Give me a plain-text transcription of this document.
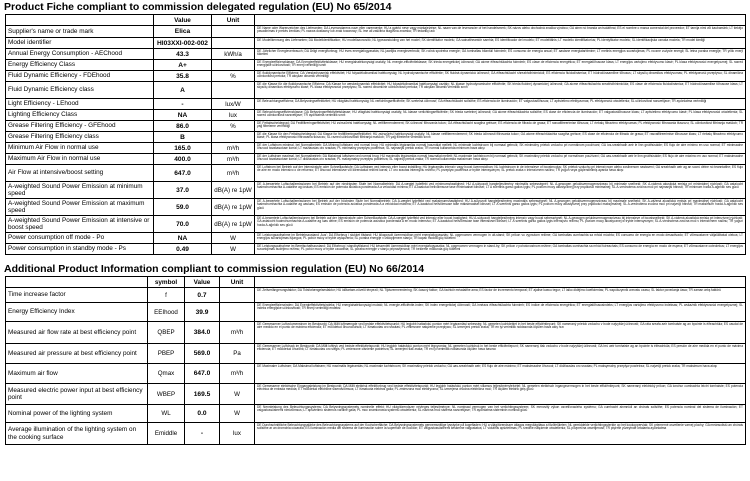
Product Fiche compliant to commission delegated regulation (EU) No 65/2014
	Value	Unit	
Supplier's name or trade mark	Elica		DE Name oder Warenzeichen des Lieferanten; DA Leverandørens navn eller varemærke; HU a gyártó neve vagy márkajelzése; NL naam van de leverancier of het handelsmerk; SK názov alebo obchodná značka výrobcu; GA ainm nó branda an tsoláthraí; ES el nombre o marca comercial del proveedor; ET tarnija nimi või kaubamärk; LT tiekėjo pavadinimas ir prekės ženklas; PL nazwa dostawcy lub znak towarowy; SL ime ali zaščitna blagovna znamka; TR tedarikçi adı
Model identifier	HI03XXI-002-002		DE Modellkennung des Lieferanten; DA Modelidentifikation; HU modellazonosító; NL typeaanduiding van het model; SK identifikátor modelu; GA sainaitheantóir samhla; ES identificador del modelo; ET mudelitähis; LT modelio identifikatorius; PL identyfikator modelu; SL identifikacijska oznaka modela; TR model kimliği
Annual Energy Consumption - AEChood	43.3	kWh/a	DE Jährlicher Energieverbrauch; DA Årligt energiforbrug; HU éves energiafogyasztás; NL jaarlijks energieverbruik; SK ročná spotreba energie; GA tomhaltas bliantúil fuinnimh; ES consumo de energía anual; ET aastane energiatarbimine; LT metinis energijos suvartojimas; PL roczne zużycie energii; SL letna poraba energije; TR yıllık enerji tüketimi
Energy Efficiency Class	A+		DE Energieeffizienzklasse; DA Energieeffektivitetsklasse; HU energiahatékonysági osztály; NL energie-efficiëntieklasse; SK trieda energetickej účinnosti; GA aicme éifeachtúlachta fuinnimh; ES clase de eficiencia energética; ET energiatõhususe klass; LT energijos vartojimo efektyvumo klasė; PL klasa efektywności energetycznej; SL razred energijske učinkovitosti; TR enerji verimliliği sınıfı
Fluid Dynamic Efficiency - FDEhood	35.8	%	DE fluiddynamische Effizienz; DA Væskedynamisk effektivitet; HU folyadékdinamikai hatékonyság; NL hydrodynamische efficiëntie; SK fluidná dynamická účinnosť; GA éifeachtúlacht shreabhdhinimiciúil; ES eficiencia fluidodinámica; ET hüdrodünaamiline tõhusus; LT skysčių dinamikos efektyvumas; PL efektywność przepływu; SL dinamična učinkovitost pretoka; TR akışkan dinamik verimliliği
Fluid Dynamic Efficiency class	A		DE die Klasse für die fluiddynamische Effizienz; DA Klasse for væskedynamisk effektivitet; HU folyadékdinamikai hatékonysági osztály; NL klasse hydrodynamische efficiëntie; SK trieda fluidnej dynamickej účinnosti; GA aicme éifeachtúlachta sreabhdhinimiciúla; ES clase de eficiencia fluidodinámica; ET hüdrodünaamilise tõhususe klass; LT skysčių dinamikos efektyvumo klasė; PL klasa efektywności przepływu; SL razred dinamične učinkovitosti pretoka; TR akışkan dinamik verimlilik sınıfı
Light Efficiency - LEhood	-	lux/W	DE Beleuchtungseffizienz; DA Belysningseffektivitet; HU világítási hatékonyság; NL verlichtingsefficiëntie; SK svetelná účinnosť; GA éifeachtúlacht soilsithe; ES eficiencia de iluminación; ET valgustustõhusus; LT apšvietimo efektyvumas; PL efektywność oświetlenia; SL učinkovitost razsvetljave; TR aydınlatma verimliliği
Lighting Efficiency Class	NA	lux	DE Beleuchtungseffizienzklasse; DA Belysningseffektivitetsklasse; HU világítási hatékonysági osztály; NL klasse verlichtingsefficiëntie; SK trieda svetelnej účinnosti; GA aicme éifeachtúlachta soilsithe; ES clase de eficiencia de iluminación; ET valgustustõhususe klass; LT apšvietimo efektyvumo klasė; PL klasa efektywności oświetlenia; SL razred učinkovitosti razsvetljave; TR aydınlatma verimlilik sınıfı
Grease Filtering Efficiency - GFEhood	86.0	%	DE Fettabscheidegrad; DA Fedtfiltreringseffektivitet; HU zsírszűrési hatékonyság; NL vetfilterrendement; SK účinnosť filtrovania tukov; GA éifeachtúlacht scagtha gréisce; ES eficiencia de filtrado de grasa; ET rasvafiltreerimise tõhusus; LT riebalų filtravimo efektyvumas; PL efektywność filtrowania tłuszczu; SL učinkovitost filtriranja maščob; TR yağ filtreleme verimliliği
Grease Filtering Efficiency class	B		DE die Klasse für den Fettabscheidegrad; DA Klasse for fedtfiltreringseffektivitet; HU zsírszűrési hatékonysági osztály; NL klasse vetfilterrendement; SK trieda účinnosti filtrovania tukov; GA aicme éifeachtúlachta scagtha gréisce; ES clase de eficiencia de filtrado de grasa; ET rasvafiltreerimise tõhususe klass; LT riebalų filtravimo efektyvumo klasė; PL klasa efektywności filtrowania tłuszczu; SL razred učinkovitosti filtriranja maščob; TR yağ filtreleme verimlilik sınıfı
Minimum Air Flow in normal use	165.0	m³/h	DE der Luftstrom minimal, bei Normalbetrieb; DA Minimal luftstrøm ved normal brug; HU minimális légáramlás normál használat mellett; NL minimale luchtstroom bij normaal gebruik; SK minimálny prietok vzduchu pri normálnom používaní; GA íos-sreabhadh aeir le linn gnáthúsáide; ES flujo de aire mínimo en uso normal; ET minimaalne õhuvool tavakasutuse korral; LT mažiausias oro srautas; PL minimalny przepływ powietrza; SL najmanjši pretok zraka; TR normal kullanımda minimum hava akışı
Maximum Air Flow in normal use	400.0	m³/h	DE der Luftstrom maximal, bei Normalbetrieb; DA Maksimal luftstrøm ved normal brug; HU maximális légáramlás normál használat mellett; NL maximale luchtstroom bij normaal gebruik; SK maximálny prietok vzduchu pri normálnom používaní; GA uas-sreabhadh aeir le linn gnáthúsáide; ES flujo de aire máximo en uso normal; ET maksimaalne õhuvool tavakasutuse korral; LT didžiausias oro srautas; PL maksymalny przepływ powietrza; SL največji pretok zraka; TR normal kullanımda maksimum hava akışı
Air Flow at intensive/boost setting	647.0	m³/h	DE Luftstrom bei Betrieb auf der Intensivstufe oder Schnelllaufstufe; DA Luftstrøm ved intensiv eller boost indstilling; HU légáramlás intenzív vagy boost üzemmódban; NL luchtstroom in de intensieve of boostmodus; SK prietok vzduchu pri intenzívnom alebo zosilnenom nastavení; GA sreabhadh aeir ag an socrú déine nó teanntaithe; ES flujo de aire en modo intensivo o de refuerzo; ET õhuvool intensiivse või kiirendatud režiimi korral; LT oro srautas intensyviu režimu; PL przepływ powietrza w trybie intensywnym; SL pretok zraka v intenzivnem načinu; TR yoğun veya güçlendirilmiş ayarda hava akışı
A-weighted Sound Power Emission at minimum speed	37.0	dB(A) re 1pW	DE A-bewertete Luftschallemissionen bei Betrieb auf der niedrigsten Stufe bei Normalbetrieb; DA A-vægtet lydeffekt ved minimumshastighed; HU A-súlyozott hangteljesítmény minimális sebességnél; NL A-gewogen geluidsvermogensniveau bij minimale snelheid; SK A-vážená akustická emisia pri minimálnej rýchlosti; GA astaíocht fuaimchumhachta A-ualaithe ag íosluas; ES emisión de potencia acústica ponderada A a velocidad mínima; ET A-kaalutud helivõimsuse tase minimaalsel kiirusel; LT A svertinis garso galios lygis; PL poziom mocy akustycznej przy prędkości minimalnej; SL A-vrednotena zvočna moč pri najmanjši hitrosti; TR minimum hızda A-ağırlıklı ses gücü
A-weighted Sound Power Emission at maximum speed	59.0	dB(A) re 1pW	DE A-bewertete Luftschallemissionen bei Betrieb auf der höchsten Stufe bei Normalbetrieb; DA A-vægtet lydeffekt ved maksimumshastighed; HU A-súlyozott hangteljesítmény maximális sebességnél; NL A-gewogen geluidsvermogensniveau bij maximale snelheid; SK A-vážená akustická emisia pri maximálnej rýchlosti; GA astaíocht fuaimchumhachta A-ualaithe ag uasluas; ES emisión de potencia acústica ponderada A a velocidad máxima; ET A-kaalutud helivõimsuse tase maksimaalsel kiirusel; LT A svertinis garso galios lygis; PL poziom mocy akustycznej przy prędkości maksymalnej; SL A-vrednotena zvočna moč pri največji hitrosti; TR maksimum hızda A-ağırlıklı ses gücü
A-weighted Sound Power Emission at intensive or boost speed	70.0	dB(A) re 1pW	DE A-bewertete Luftschallemissionen bei Betrieb auf der Intensivstufe oder Schnelllaufstufe; DA A-vægtet lydeffekt ved intensiv eller boost hastighed; HU A-súlyozott hangteljesítmény intenzív vagy boost sebességnél; NL A-gewogen geluidsvermogensniveau bij intensieve of boostsnelheid; SK A-vážená akustická emisia pri intenzívnej rýchlosti; GA astaíocht fuaimchumhachta A-ualaithe ag luas déine; ES emisión de potencia acústica ponderada A en modo intensivo; ET A-kaalutud helivõimsuse tase intensiivsel kiirusel; LT A svertinis garso galios lygis intensyviu režimu; PL poziom mocy akustycznej w trybie intensywnym; SL A-vrednotena zvočna moč v intenzivnem načinu; TR yoğun hızda A-ağırlıklı ses gücü
Power consumption off mode - Po	NA	W	DE Leistungsaufnahme im Betriebszustand ‚Aus'; DA Elforbrug i slukket tilstand; HU kikapcsolt üzemmódban mért energiafogyasztás; NL opgenomen vermogen in uit-stand; SK príkon vo vypnutom režime; GA tomhaltas cumhachta sa mhód múchta; ES consumo de energía en modo desactivado; ET võimsustarve väljalülitatud olekus; LT energijos suvartojimas išjungus; PL pobór mocy w trybie wyłączenia; SL poraba energije v izklopljenem stanju; TR kapalı modda güç tüketimi
Power consumption in standby mode - Ps	0.49	W	DE Leistungsaufnahme im Bereitschaftszustand; DA Elforbrug i standbytilstand; HU készenléti üzemmódban mért energiafogyasztás; NL opgenomen vermogen in stand-by; SK príkon v pohotovostnom režime; GA tomhaltas cumhachta sa mhód fuireachais; ES consumo de energía en modo de espera; ET võimsustarve ooteolekus; LT energijos suvartojimas budėjimo režimu; PL pobór mocy w trybie czuwania; SL poraba energije v stanju pripravljenosti; TR bekleme modunda güç tüketimi
Additional Product Information compliant to commission regulation (EU) No 66/2014
	symbol	Value	Unit	
Time increase factor	f	0.7		DE Zeitverlängerungsfaktor; DA Tidsforlængelsesfaktor; HU időtartam-növelő tényező; NL Tijdsvermeerdering; SK časový faktor; GA fachtóir méadaithe ama; ES factor de incremento temporal; ET ajalise kasvu tegur; LT laiko didėjimo koeficientas; PL współczynnik wzrostu czasu; SL faktor povečanja časa; TR zaman artış faktörü
Energy Efficiency Index	EEIhood	39.9		DE Energieeffizienzindex; DA Energieffektivitetsindeks; HU energiahatékonysági mutató; NL energie-efficiëntie-index; SK index energetickej účinnosti; GA innéacs éifeachtúlachta fuinnimh; ES índice de eficiencia energética; ET energiatõhususindeks; LT energijos vartojimo efektyvumo indeksas; PL wskaźnik efektywności energetycznej; SL indeks energijske učinkovitosti; TR enerji verimliliği endeksi
Measured air flow rate at best efficiency point	QBEP	384.0	m³/h	DE Gemessener Luftvolumenstrom im Bestpunkt; DA Målt luftmængde ved bedste effektivitetspunkt; HU legjobb hatásfokú ponton mért légáramlási sebesség; NL gemeten luchtdebiet in het beste efficiëntiepunt; SK nameraný prietok vzduchu v bode najvyššej účinnosti; GA ráta sreafa aeir tomhaiste ag an bpointe is éifeachtúla; ES caudal de aire medido en el punto de máxima eficiencia; ET mõõdetud õhuvooluhulk; LT išmatuotas oro srautas; PL zmierzone natężenie przepływu; SL izmerjeni pretok zraka; TR en iyi verimlilik noktasında ölçülen hava akış hızı
Measured air pressure at best efficiency point	PBEP	569.0	Pa	DE Gemessener Luftdruck im Bestpunkt; DA Målt lufttryk ved bedste effektivitetspunkt; HU legjobb hatásfokú ponton mért légnyomás; NL gemeten luchtdruk in het beste efficiëntiepunt; SK nameraný tlak vzduchu v bode najvyššej účinnosti; GA brú aeir tomhaiste ag an bpointe is éifeachtúla; ES presión de aire medida en el punto de máxima eficiencia; ET mõõdetud õhurõhk; LT išmatuotas oro slėgis; PL zmierzone ciśnienie powietrza; SL izmerjeni tlak zraka; TR en iyi verimlilik noktasında ölçülen hava basıncı
Maximum air flow	Qmax	647.0	m³/h	DE Maximaler Luftstrom; DA Maksimal luftstrøm; HU maximális légáramlás; NL maximale luchtstroom; SK maximálny prietok vzduchu; GA uas-sreabhadh aeir; ES flujo de aire máximo; ET maksimaalne õhuvool; LT didžiausias oro srautas; PL maksymalny przepływ powietrza; SL največji pretok zraka; TR maksimum hava akışı
Measured electric power input at best efficiency point	WBEP	169.5	W	DE Gemessene elektrische Eingangsleistung im Bestpunkt; DA Målt elektrisk effektforbrug ved bedste effektivitetspunkt; HU legjobb hatásfokú ponton mért villamos teljesítményfelvétel; NL gemeten elektrisch ingangsvermogen in het beste efficiëntiepunt; SK nameraný elektrický príkon; GA ionchur cumhachta leictrí tomhaiste; ES potencia eléctrica de entrada medida; ET mõõdetud elektriline sisendvõimsus; LT išmatuota elektros galia; PL zmierzona moc elektryczna; SL izmerjena vhodna električna moč; TR ölçülen elektrik giriş gücü
Nominal power of the lighting system	WL	0.0	W	DE Nennleistung des Beleuchtungssystems; DA Belysningssystemets nominelle effekt; HU világítórendszer névleges teljesítménye; NL nominaal vermogen van het verlichtingssysteem; SK menovitý výkon osvetľovacieho systému; GA cumhacht ainmniúil an chórais soilsithe; ES potencia nominal del sistema de iluminación; ET valgustussüsteemi nimivõimsus; LT apšvietimo sistemos vardinė galia; PL moc znamionowa systemu oświetlenia; SL nazivna moč sistema razsvetljave; TR aydınlatma sisteminin nominal gücü
Average illumination of the lighting system on the cooking surface	Emiddle	-	lux	DE Durchschnittliche Beleuchtungsstärke des Beleuchtungssystems auf der Kochoberfläche; DA Belysningssystemets gennemsnitlige lysstyrke på kogefladen; HU a világítórendszer átlagos megvilágítása a főzőfelületen; NL gemiddelde verlichtingssterkte op het kookoppervlak; SK priemerné osvetlenie varnej plochy; GA meánsoilsiú an chórais soilsithe ar an dromchla cócarála; ES iluminación media del sistema de iluminación sobre la superficie de cocción; ET valgustussüsteemi keskmine valgustatus; LT vidutinis apšvietimas; PL średnie natężenie oświetlenia; SL povprečna osvetljenost; TR pişirme yüzeyinde ortalama aydınlatma
